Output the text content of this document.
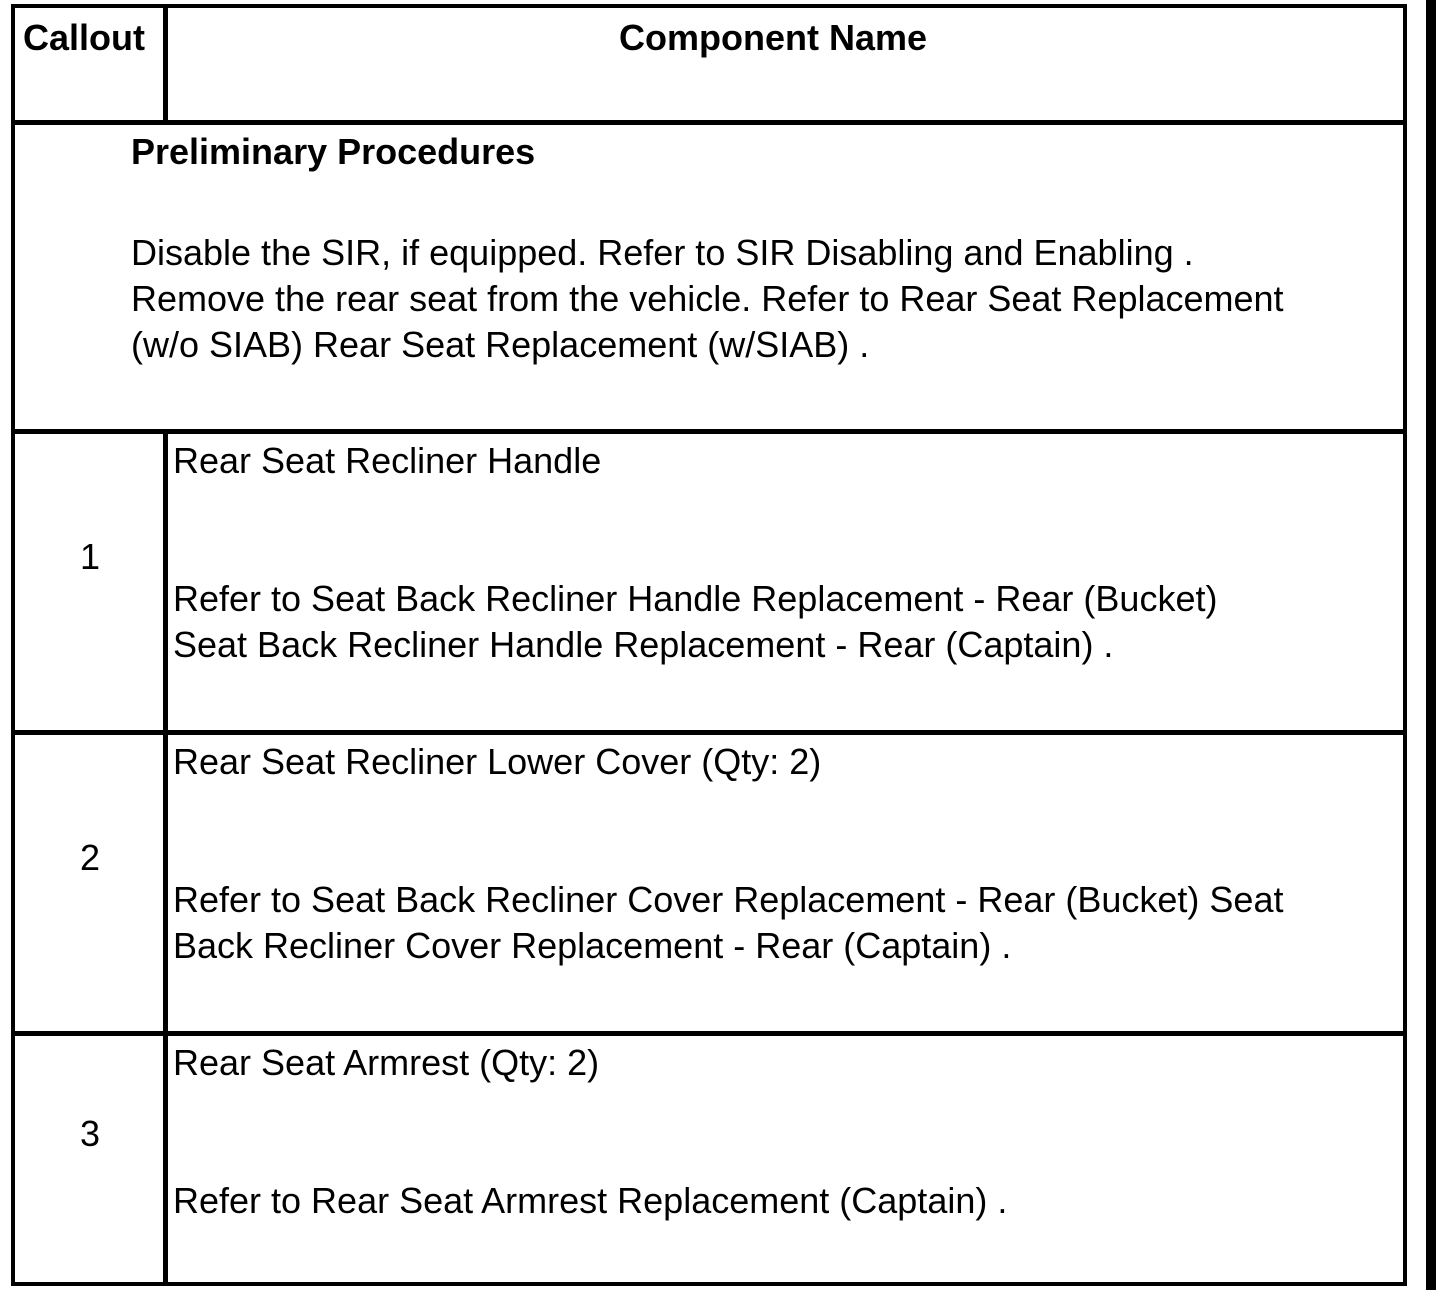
Callout	Component Name

Preliminary Procedures

Disable the SIR, if equipped. Refer to SIR Disabling and Enabling .

Remove the rear seat from the vehicle. Refer to Rear Seat Replacement

(w/o SIAB) Rear Seat Replacement (w/SIAB) .

1

Rear Seat Recliner Handle

Refer to Seat Back Recliner Handle Replacement - Rear (Bucket)

Seat Back Recliner Handle Replacement - Rear (Captain) .

2

Rear Seat Recliner Lower Cover (Qty: 2)

Refer to Seat Back Recliner Cover Replacement - Rear (Bucket) Seat

Back Recliner Cover Replacement - Rear (Captain) .

3

Rear Seat Armrest (Qty: 2)

Refer to Rear Seat Armrest Replacement (Captain) .
